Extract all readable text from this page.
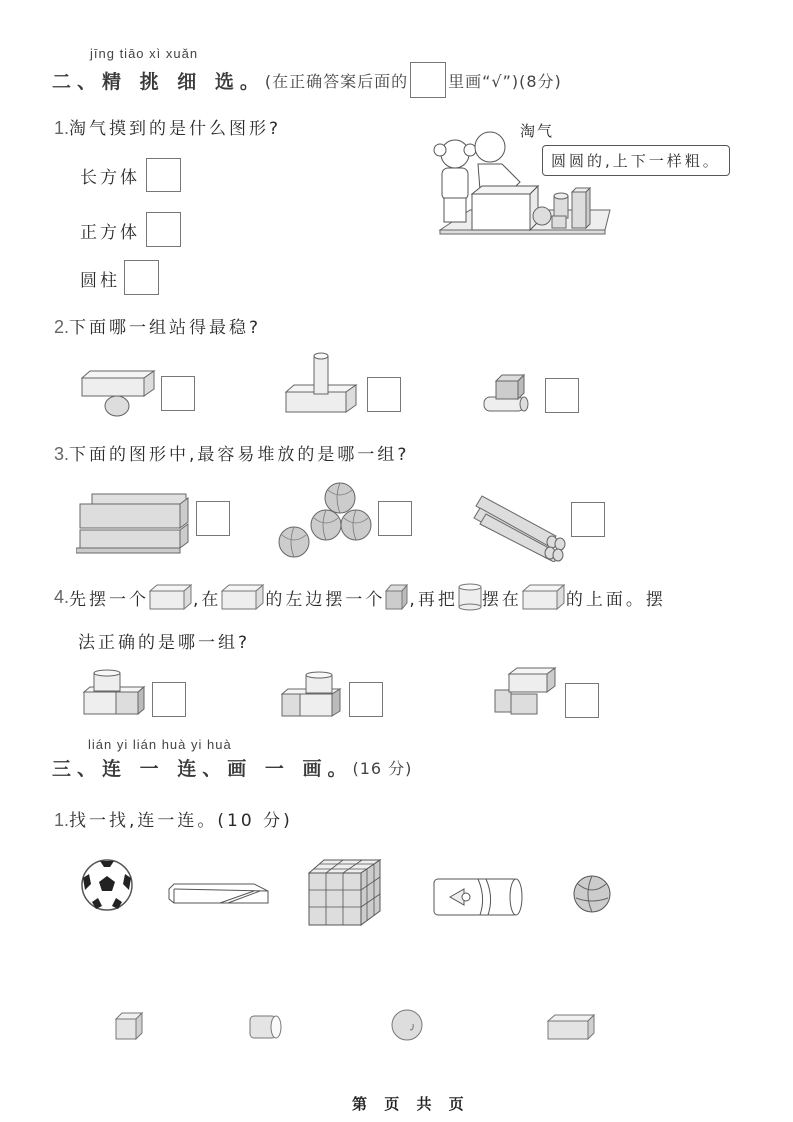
jīng tiāo xì xuǎn
二、精 挑 细 选。 (在正确答案后面的	里画“√”)(8分)
1.淘气摸到的是什么图形?
长方体
正方体
圆柱
淘气
圆圆的,上下一样粗。
2.下面哪一组站得最稳?
3.下面的图形中,最容易堆放的是哪一组?
4. 先摆一个	,在	的左边摆一个 ,再把 摆在	的上面。摆
法正确的是哪一组?
lián yi lián huà yi huà
三、连 一 连、画 一 画。 (16 分)
1.找一找,连一连。(10 分)
第 页 共 页
